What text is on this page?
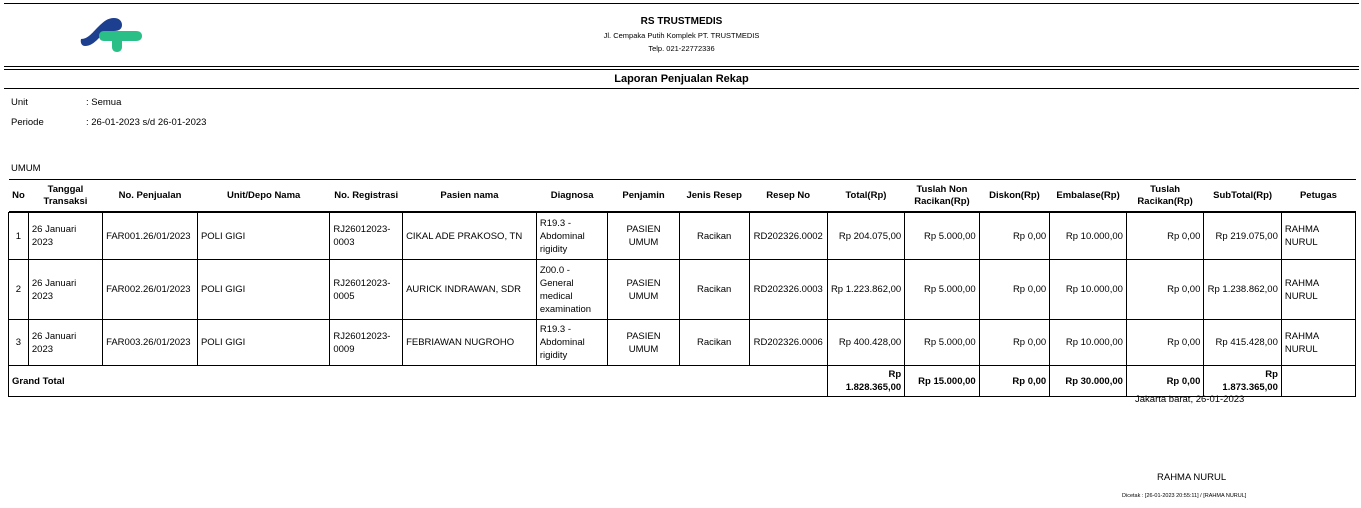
RS TRUSTMEDIS
Jl. Cempaka Putih Komplek PT. TRUSTMEDIS
Telp. 021-22772336
Laporan Penjualan Rekap
Unit	: Semua
Periode	: 26-01-2023 s/d 26-01-2023
UMUM
No	Tanggal Transaksi	No. Penjualan	Unit/Depo Nama	No. Registrasi	Pasien nama	Diagnosa	Penjamin	Jenis Resep	Resep No	Total(Rp)	Tuslah Non Racikan(Rp)	Diskon(Rp)	Embalase(Rp)	Tuslah Racikan(Rp)	SubTotal(Rp)	Petugas

1	26 Januari 2023	FAR001.26/01/2023	POLI GIGI	RJ26012023-0003	CIKAL ADE PRAKOSO, TN	R19.3 - Abdominal rigidity	PASIEN UMUM	Racikan	RD202326.0002	Rp 204.075,00	Rp 5.000,00	Rp 0,00	Rp 10.000,00	Rp 0,00	Rp 219.075,00	RAHMA NURUL
2	26 Januari 2023	FAR002.26/01/2023	POLI GIGI	RJ26012023-0005	AURICK INDRAWAN, SDR	Z00.0 - General medical examination	PASIEN UMUM	Racikan	RD202326.0003	Rp 1.223.862,00	Rp 5.000,00	Rp 0,00	Rp 10.000,00	Rp 0,00	Rp 1.238.862,00	RAHMA NURUL
3	26 Januari 2023	FAR003.26/01/2023	POLI GIGI	RJ26012023-0009	FEBRIAWAN NUGROHO	R19.3 - Abdominal rigidity	PASIEN UMUM	Racikan	RD202326.0006	Rp 400.428,00	Rp 5.000,00	Rp 0,00	Rp 10.000,00	Rp 0,00	Rp 415.428,00	RAHMA NURUL
Grand Total										Rp 1.828.365,00	Rp 15.000,00	Rp 0,00	Rp 30.000,00	Rp 0,00	Rp 1.873.365,00	
Jakarta barat, 26-01-2023
RAHMA NURUL
Dicetak : [26-01-2023 20:55:11] / [RAHMA NURUL]
